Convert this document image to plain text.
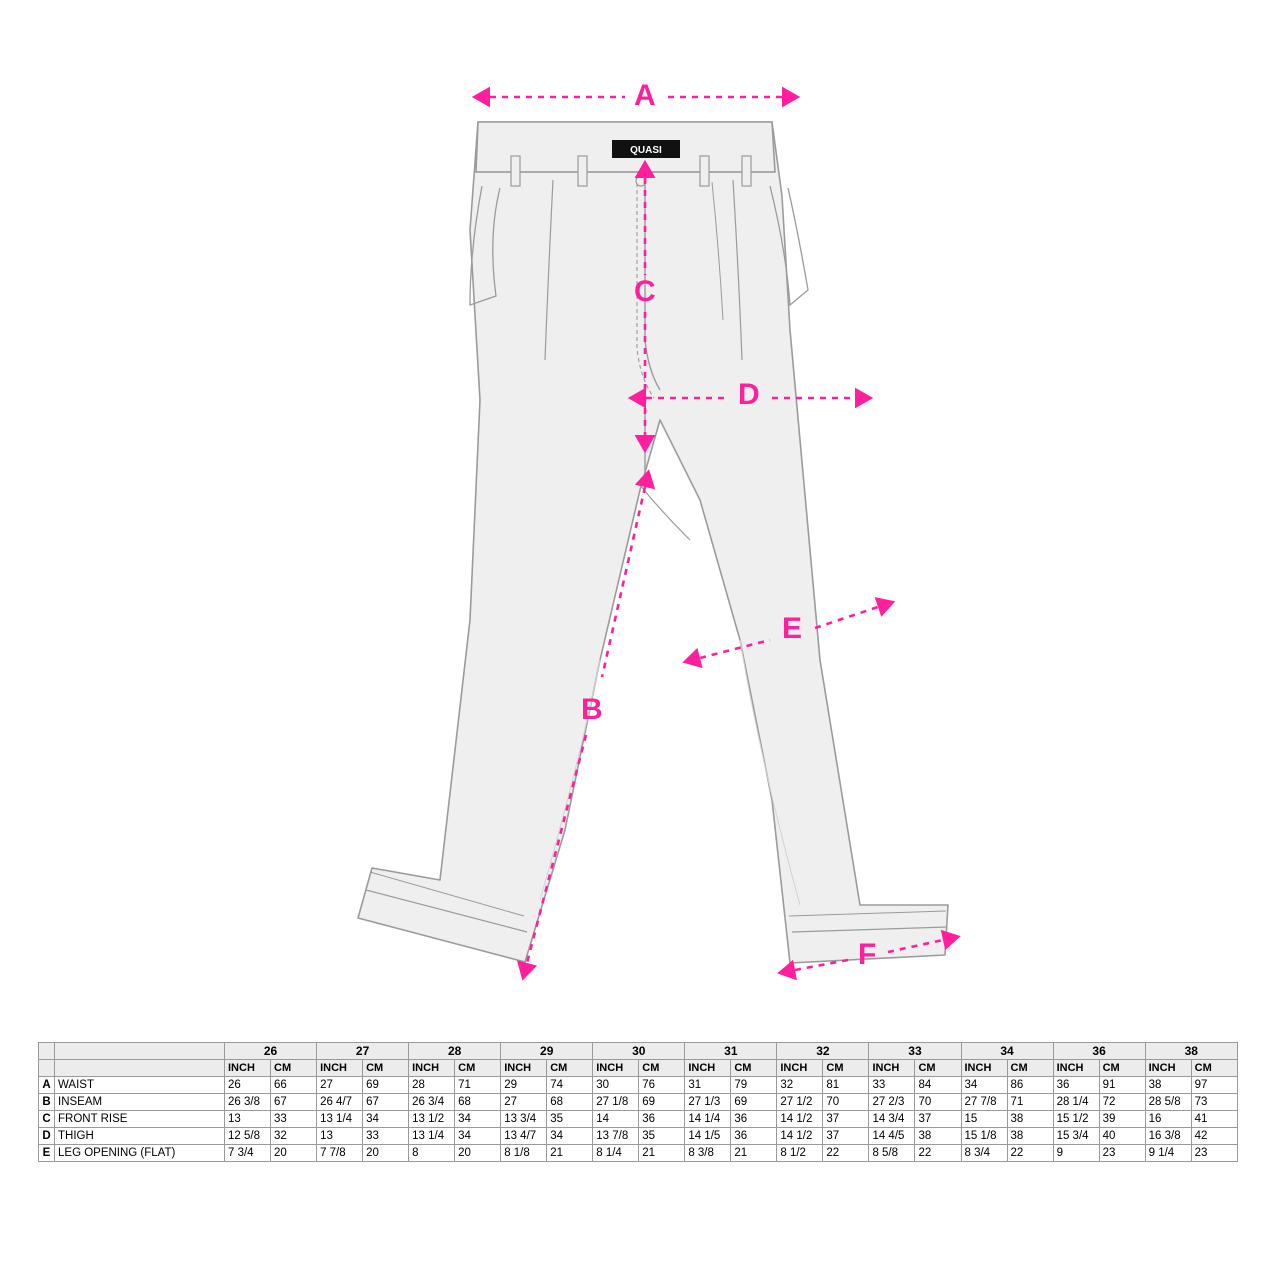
QUASI
A
B
C
D
E
F
		26		27		28		29		30		31		32		33		34		36		38	
		INCH	CM	INCH	CM	INCH	CM	INCH	CM	INCH	CM	INCH	CM	INCH	CM	INCH	CM	INCH	CM	INCH	CM	INCH	CM
A	WAIST	26	66	27	69	28	71	29	74	30	76	31	79	32	81	33	84	34	86	36	91	38	97
B	INSEAM	26 3/8	67	26 4/7	67	26 3/4	68	27	68	27 1/8	69	27 1/3	69	27 1/2	70	27 2/3	70	27 7/8	71	28 1/4	72	28 5/8	73
C	FRONT RISE	13	33	13 1/4	34	13 1/2	34	13 3/4	35	14	36	14 1/4	36	14 1/2	37	14 3/4	37	15	38	15 1/2	39	16	41
D	THIGH	12 5/8	32	13	33	13 1/4	34	13 4/7	34	13 7/8	35	14 1/5	36	14 1/2	37	14 4/5	38	15 1/8	38	15 3/4	40	16 3/8	42
E	LEG OPENING (FLAT)	7 3/4	20	7 7/8	20	8	20	8 1/8	21	8 1/4	21	8 3/8	21	8 1/2	22	8 5/8	22	8 3/4	22	9	23	9 1/4	23
